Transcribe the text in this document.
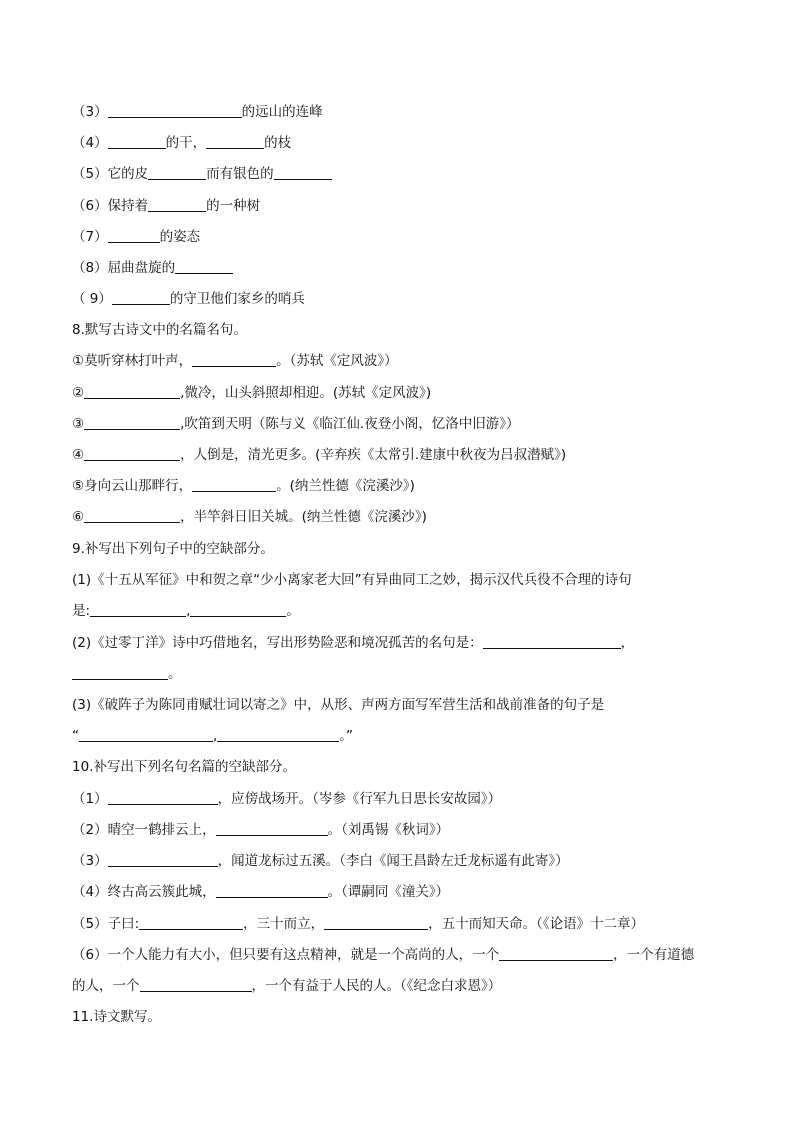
（3）	的远山的连峰
（4）	的干，	的枝
（5）它的皮	而有银色的
（6）保持着	的一种树
（7）	的姿态
（8）屈曲盘旋的
（ 9）	的守卫他们家乡的哨兵
8.默写古诗文中的名篇名句。
①莫听穿林打叶声，	。（苏轼《定风波》）
②	,微冷，山头斜照却相迎。(苏轼《定风波》)
③	,吹笛到天明（陈与义《临江仙.夜登小阁，忆洛中旧游》）
④	，人倒是，清光更多。(辛弃疾《太常引.建康中秋夜为吕叔潜赋》)
⑤身向云山那畔行，	。(纳兰性德《浣溪沙》)
⑥	，半竿斜日旧关城。(纳兰性德《浣溪沙》)
9.补写出下列句子中的空缺部分。
(1)《十五从军征》中和贺之章“少小离家老大回”有异曲同工之妙，揭示汉代兵役不合理的诗句
是:	,	。
(2)《过零丁洋》诗中巧借地名，写出形势险恶和境况孤苦的名句是：	，
。
(3)《破阵子为陈同甫赋壮词以寄之》中，从形、声两方面写军营生活和战前准备的句子是
“	,	。”
10.补写出下列名句名篇的空缺部分。
（1）	，应傍战场开。（岑参《行军九日思长安故园》）
（2）晴空一鹤排云上，	。（刘禹锡《秋词》）
（3）	，闻道龙标过五溪。（李白《闻王昌龄左迁龙标遥有此寄》）
（4）终古高云簇此城，	。（谭嗣同《潼关》）
（5）子曰:	，三十而立，	，五十而知天命。（《论语》十二章）
（6）一个人能力有大小，但只要有这点精神，就是一个高尚的人，一个	，一个有道德
的人，一个	，一个有益于人民的人。（《纪念白求恩》）
11.诗文默写。
